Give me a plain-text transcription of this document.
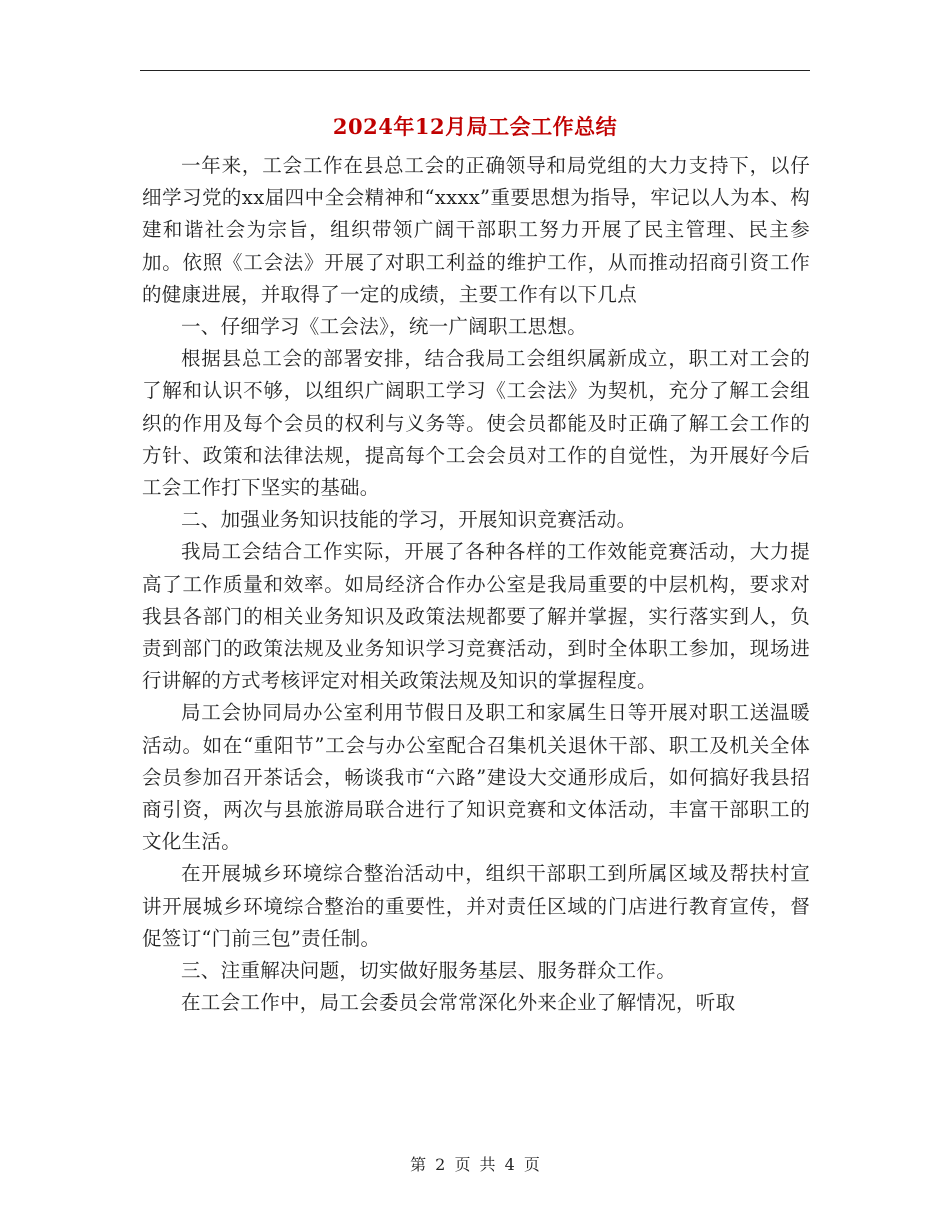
2024年12月局工会工作总结

一年来，工会工作在县总工会的正确领导和局党组的大力支持下，以仔细学习党的xx届四中全会精神和“xxxx”重要思想为指导，牢记以人为本、构建和谐社会为宗旨，组织带领广阔干部职工努力开展了民主管理、民主参加。依照《工会法》开展了对职工利益的维护工作，从而推动招商引资工作的健康进展，并取得了一定的成绩，主要工作有以下几点

一、仔细学习《工会法》，统一广阔职工思想。

根据县总工会的部署安排，结合我局工会组织属新成立，职工对工会的了解和认识不够，以组织广阔职工学习《工会法》为契机，充分了解工会组织的作用及每个会员的权利与义务等。使会员都能及时正确了解工会工作的方针、政策和法律法规，提高每个工会会员对工作的自觉性，为开展好今后工会工作打下坚实的基础。

二、加强业务知识技能的学习，开展知识竞赛活动。

我局工会结合工作实际，开展了各种各样的工作效能竞赛活动，大力提高了工作质量和效率。如局经济合作办公室是我局重要的中层机构，要求对我县各部门的相关业务知识及政策法规都要了解并掌握，实行落实到人，负责到部门的政策法规及业务知识学习竞赛活动，到时全体职工参加，现场进行讲解的方式考核评定对相关政策法规及知识的掌握程度。

局工会协同局办公室利用节假日及职工和家属生日等开展对职工送温暖活动。如在“重阳节”工会与办公室配合召集机关退休干部、职工及机关全体会员参加召开茶话会，畅谈我市“六路”建设大交通形成后，如何搞好我县招商引资，两次与县旅游局联合进行了知识竞赛和文体活动，丰富干部职工的文化生活。

在开展城乡环境综合整治活动中，组织干部职工到所属区域及帮扶村宣讲开展城乡环境综合整治的重要性，并对责任区域的门店进行教育宣传，督促签订“门前三包”责任制。

三、注重解决问题，切实做好服务基层、服务群众工作。

在工会工作中，局工会委员会常常深化外来企业了解情况，听取

第 2 页 共 4 页
